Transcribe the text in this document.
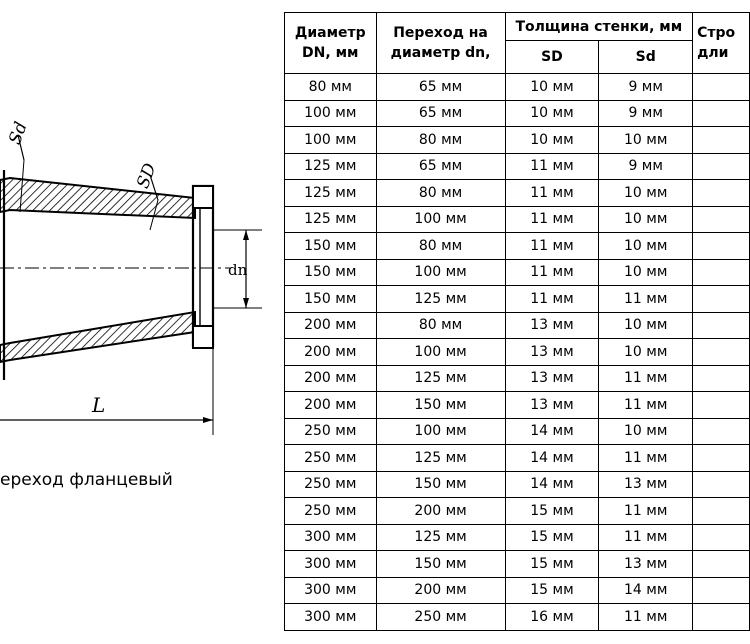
dn
L
Sd
SD
ереход фланцевый
Диаметр DN, мм	Переход на диаметр dn,	Толщина стенки, мм		Стро дли
		SD	Sd	
80 мм	65 мм	10 мм	9 мм	
100 мм	65 мм	10 мм	9 мм	
100 мм	80 мм	10 мм	10 мм	
125 мм	65 мм	11 мм	9 мм	
125 мм	80 мм	11 мм	10 мм	
125 мм	100 мм	11 мм	10 мм	
150 мм	80 мм	11 мм	10 мм	
150 мм	100 мм	11 мм	10 мм	
150 мм	125 мм	11 мм	11 мм	
200 мм	80 мм	13 мм	10 мм	
200 мм	100 мм	13 мм	10 мм	
200 мм	125 мм	13 мм	11 мм	
200 мм	150 мм	13 мм	11 мм	
250 мм	100 мм	14 мм	10 мм	
250 мм	125 мм	14 мм	11 мм	
250 мм	150 мм	14 мм	13 мм	
250 мм	200 мм	15 мм	11 мм	
300 мм	125 мм	15 мм	11 мм	
300 мм	150 мм	15 мм	13 мм	
300 мм	200 мм	15 мм	14 мм	
300 мм	250 мм	16 мм	11 мм	
